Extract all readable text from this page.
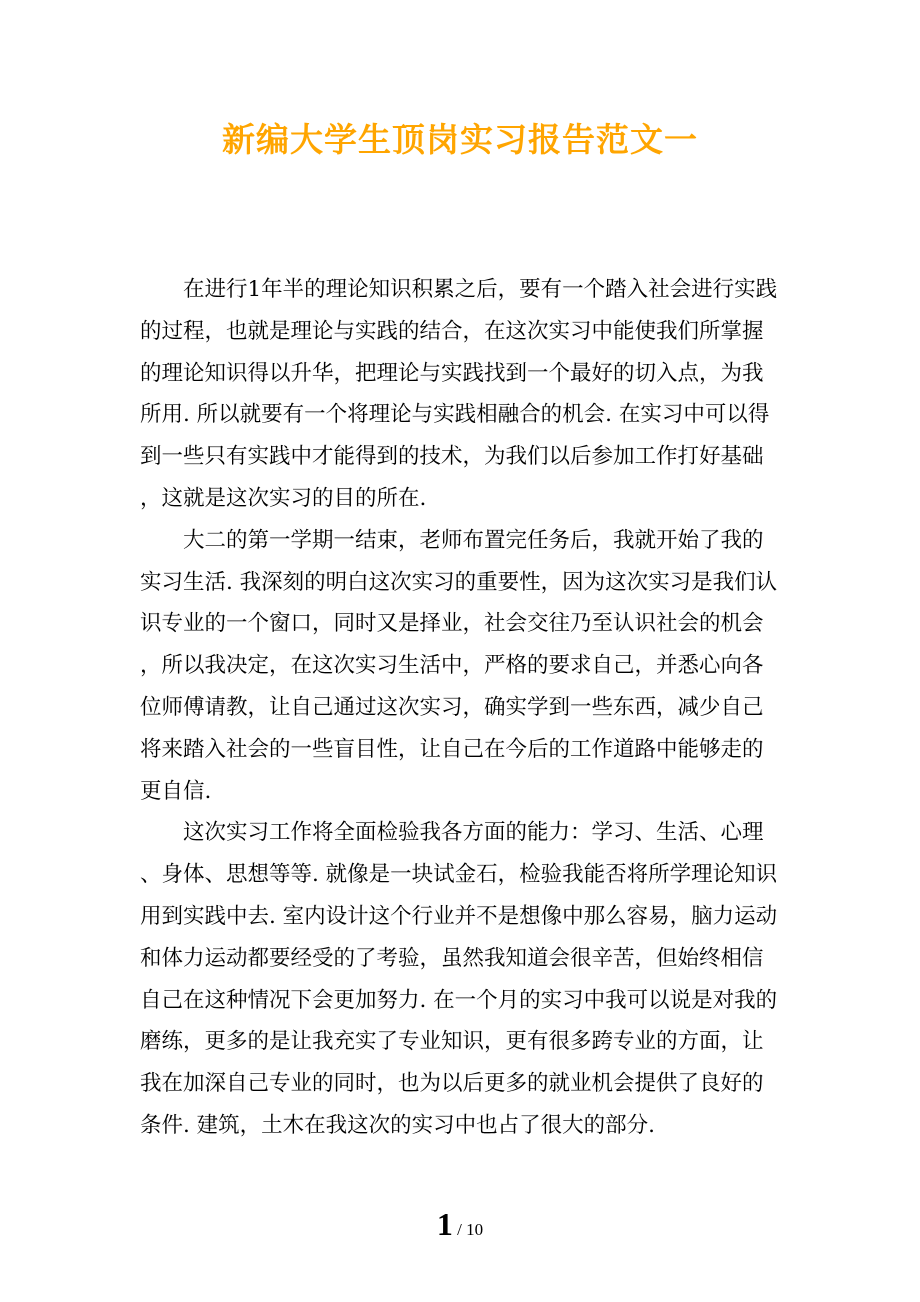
新编大学生顶岗实习报告范文一
　　在进行1年半的理论知识积累之后，要有一个踏入社会进行实践
的过程，也就是理论与实践的结合，在这次实习中能使我们所掌握
的理论知识得以升华，把理论与实践找到一个最好的切入点，为我
所用. 所以就要有一个将理论与实践相融合的机会. 在实习中可以得
到一些只有实践中才能得到的技术，为我们以后参加工作打好基础
，这就是这次实习的目的所在.
　　大二的第一学期一结束，老师布置完任务后，我就开始了我的
实习生活. 我深刻的明白这次实习的重要性，因为这次实习是我们认
识专业的一个窗口，同时又是择业，社会交往乃至认识社会的机会
，所以我决定，在这次实习生活中，严格的要求自己，并悉心向各
位师傅请教，让自己通过这次实习，确实学到一些东西，减少自己
将来踏入社会的一些盲目性，让自己在今后的工作道路中能够走的
更自信.
　　这次实习工作将全面检验我各方面的能力：学习、生活、心理
、身体、思想等等. 就像是一块试金石，检验我能否将所学理论知识
用到实践中去. 室内设计这个行业并不是想像中那么容易，脑力运动
和体力运动都要经受的了考验，虽然我知道会很辛苦，但始终相信
自己在这种情况下会更加努力. 在一个月的实习中我可以说是对我的
磨练，更多的是让我充实了专业知识，更有很多跨专业的方面，让
我在加深自己专业的同时，也为以后更多的就业机会提供了良好的
条件. 建筑，土木在我这次的实习中也占了很大的部分.
1 / 10
